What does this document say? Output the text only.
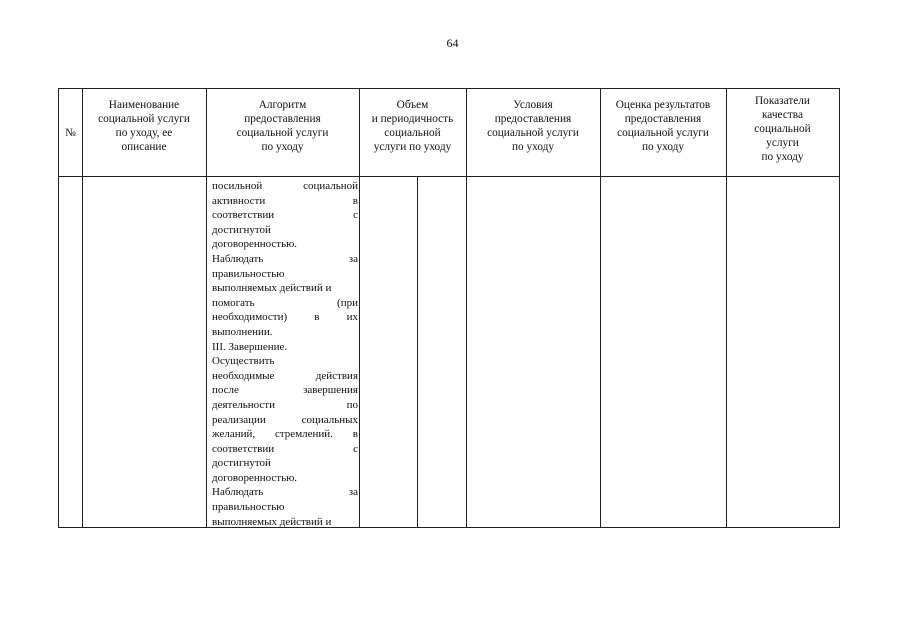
64
№
Наименование
социальной услуги
по уходу, ее
описание
Алгоритм
предоставления
социальной услуги
по уходу
Объем
и периодичность
социальной
услуги по уходу
Условия
предоставления
социальной услуги
по уходу
Оценка результатов
предоставления
социальной услуги
по уходу
Показатели
качества
социальной
услуги
по уходу
посильной социальной
активности в
соответствии с
достигнутой
договоренностью.
Наблюдать за
правильностью
выполняемых действий и
помогать (при
необходимости) в их
выполнении.
III. Завершение.
Осуществить
необходимые действия
после завершения
деятельности по
реализации социальных
желаний, стремлений. в
соответствии с
достигнутой
договоренностью.
Наблюдать за
правильностью
выполняемых действий и
